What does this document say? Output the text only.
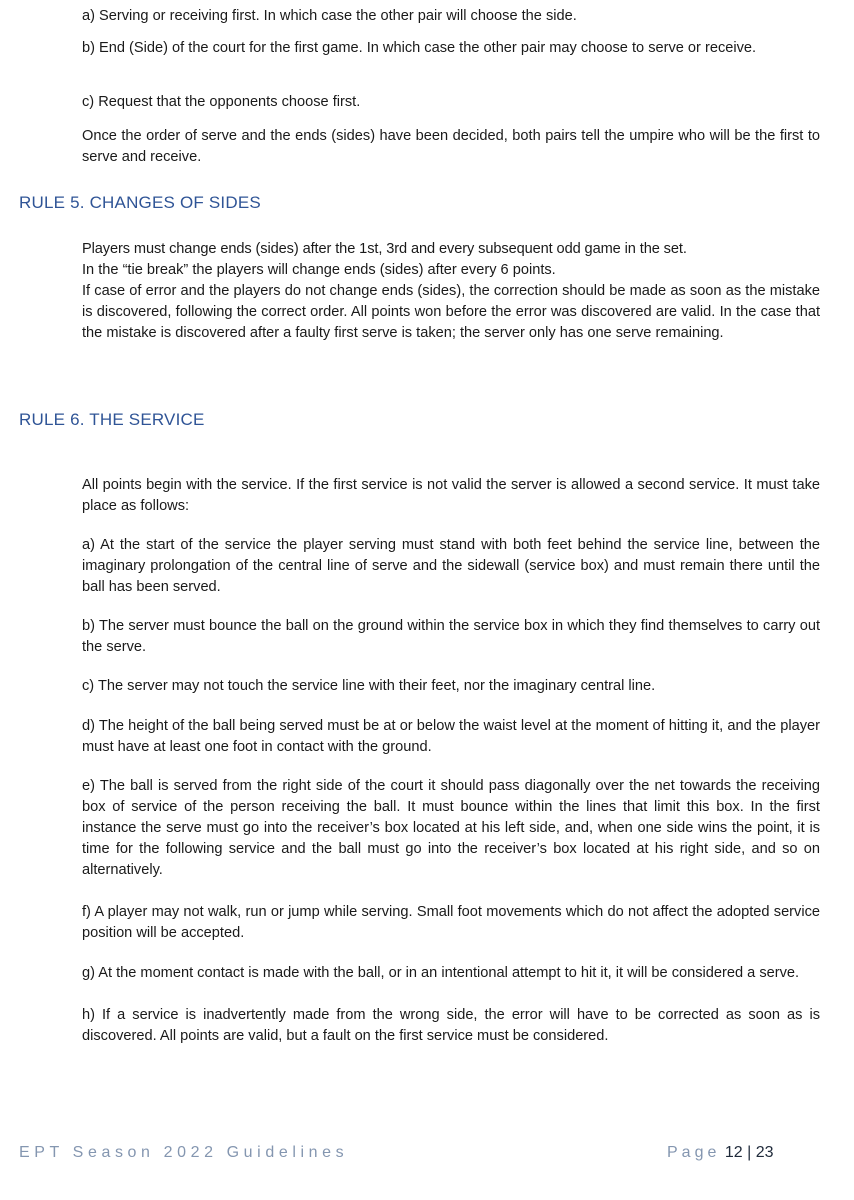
a) Serving or receiving first. In which case the other pair will choose the side.

b) End (Side) of the court for the first game. In which case the other pair may choose to serve or receive.

c) Request that the opponents choose first.

Once the order of serve and the ends (sides) have been decided, both pairs tell the umpire who will be the first to serve and receive.

RULE 5. CHANGES OF SIDES
Players must change ends (sides) after the 1st, 3rd and every subsequent odd game in the set.
In the “tie break” the players will change ends (sides) after every 6 points.
If case of error and the players do not change ends (sides), the correction should be made as soon as the mistake is discovered, following the correct order. All points won before the error was discovered are valid. In the case that the mistake is discovered after a faulty first serve is taken; the server only has one serve remaining.
RULE 6. THE SERVICE

All points begin with the service. If the first service is not valid the server is allowed a second service. It must take place as follows:

a) At the start of the service the player serving must stand with both feet behind the service line, between the imaginary prolongation of the central line of serve and the sidewall (service box) and must remain there until the ball has been served.

b) The server must bounce the ball on the ground within the service box in which they find themselves to carry out the serve.

c) The server may not touch the service line with their feet, nor the imaginary central line.

d) The height of the ball being served must be at or below the waist level at the moment of hitting it, and the player must have at least one foot in contact with the ground.

e) The ball is served from the right side of the court it should pass diagonally over the net towards the receiving box of service of the person receiving the ball. It must bounce within the lines that limit this box. In the first instance the serve must go into the receiver’s box located at his left side, and, when one side wins the point, it is time for the following service and the ball must go into the receiver’s box located at his right side, and so on alternatively.

f) A player may not walk, run or jump while serving. Small foot movements which do not affect the adopted service position will be accepted.

g) At the moment contact is made with the ball, or in an intentional attempt to hit it, it will be considered a serve.

h) If a service is inadvertently made from the wrong side, the error will have to be corrected as soon as is discovered. All points are valid, but a fault on the first service must be considered.

EPT Season 2022 Guidelines	Page 12 | 23
